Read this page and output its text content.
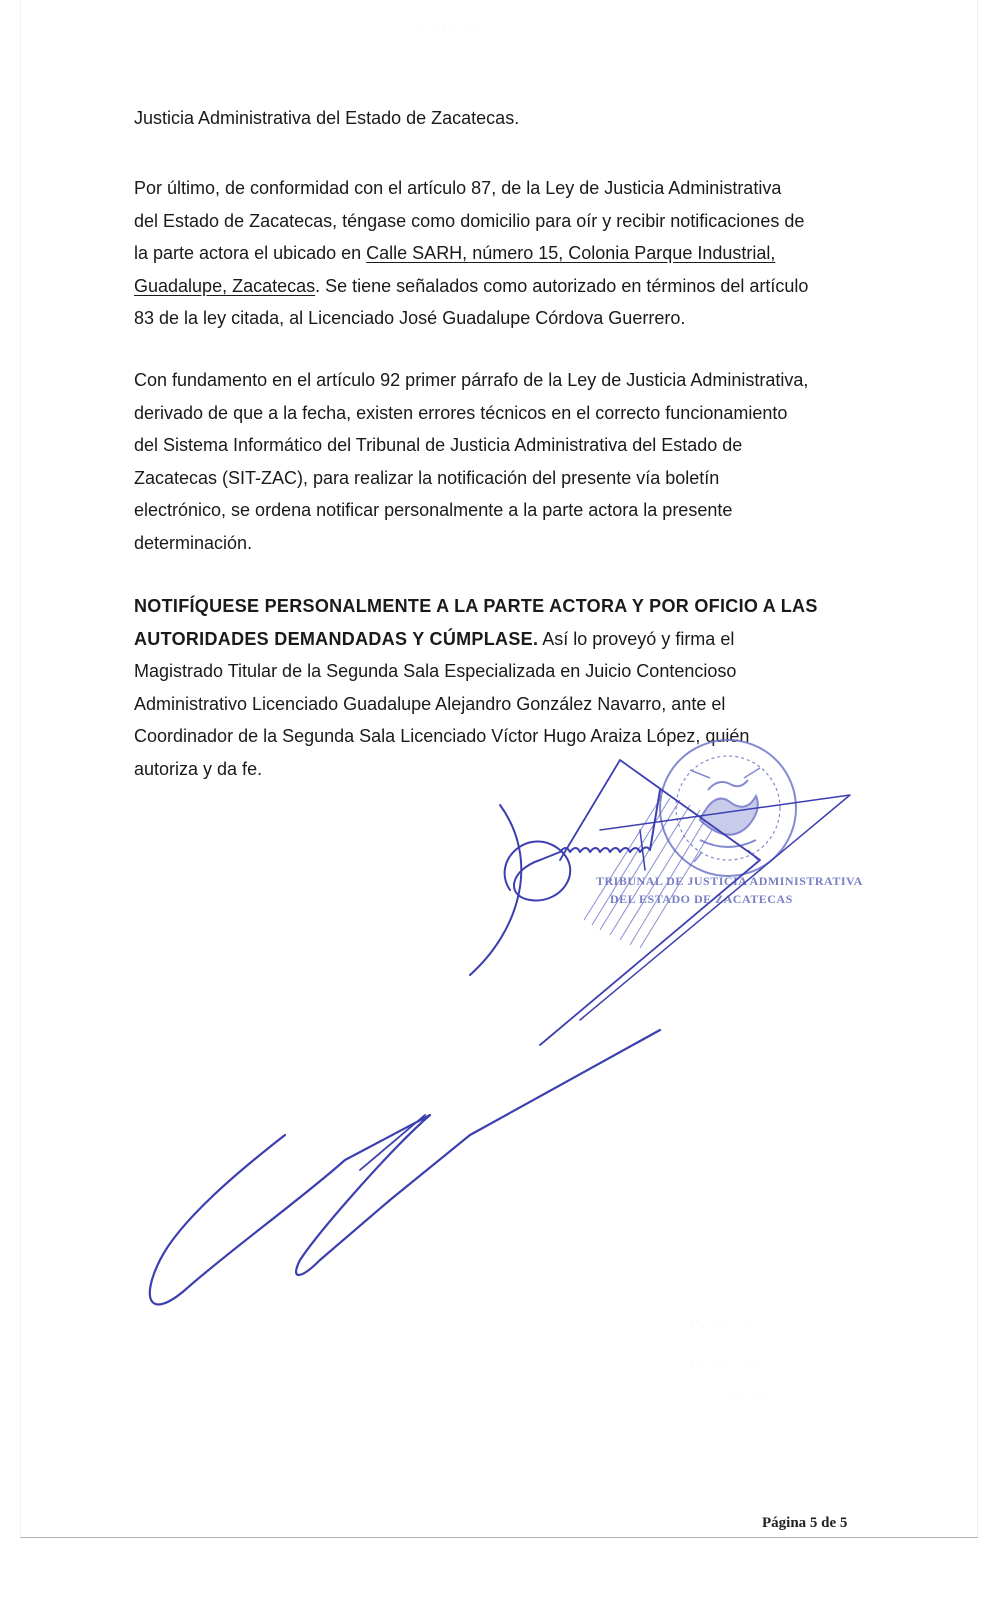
Justicia Administrativa del Estado de Zacatecas.

Por último, de conformidad con el artículo 87, de la Ley de Justicia Administrativa
del Estado de Zacatecas, téngase como domicilio para oír y recibir notificaciones de
la parte actora el ubicado en Calle SARH, número 15, Colonia Parque Industrial,
Guadalupe, Zacatecas. Se tiene señalados como autorizado en términos del artículo
83 de la ley citada, al Licenciado José Guadalupe Córdova Guerrero.

Con fundamento en el artículo 92 primer párrafo de la Ley de Justicia Administrativa,
derivado de que a la fecha, existen errores técnicos en el correcto funcionamiento
del Sistema Informático del Tribunal de Justicia Administrativa del Estado de
Zacatecas (SIT-ZAC), para realizar la notificación del presente vía boletín
electrónico, se ordena notificar personalmente a la parte actora la presente
determinación.

NOTIFÍQUESE PERSONALMENTE A LA PARTE ACTORA Y POR OFICIO A LAS
AUTORIDADES DEMANDADAS Y CÚMPLASE. Así lo proveyó y firma el
Magistrado Titular de la Segunda Sala Especializada en Juicio Contencioso
Administrativo Licenciado Guadalupe Alejandro González Navarro, ante el
Coordinador de la Segunda Sala Licenciado Víctor Hugo Araiza López, quién
autoriza y da fe.

TRIBUNAL DE JUSTICIA ADMINISTRATIVA
DEL ESTADO DE ZACATECAS
· · · · · · ·
· · · · · ·
· · · · · · ·
· · · ·
Página 5 de 5
